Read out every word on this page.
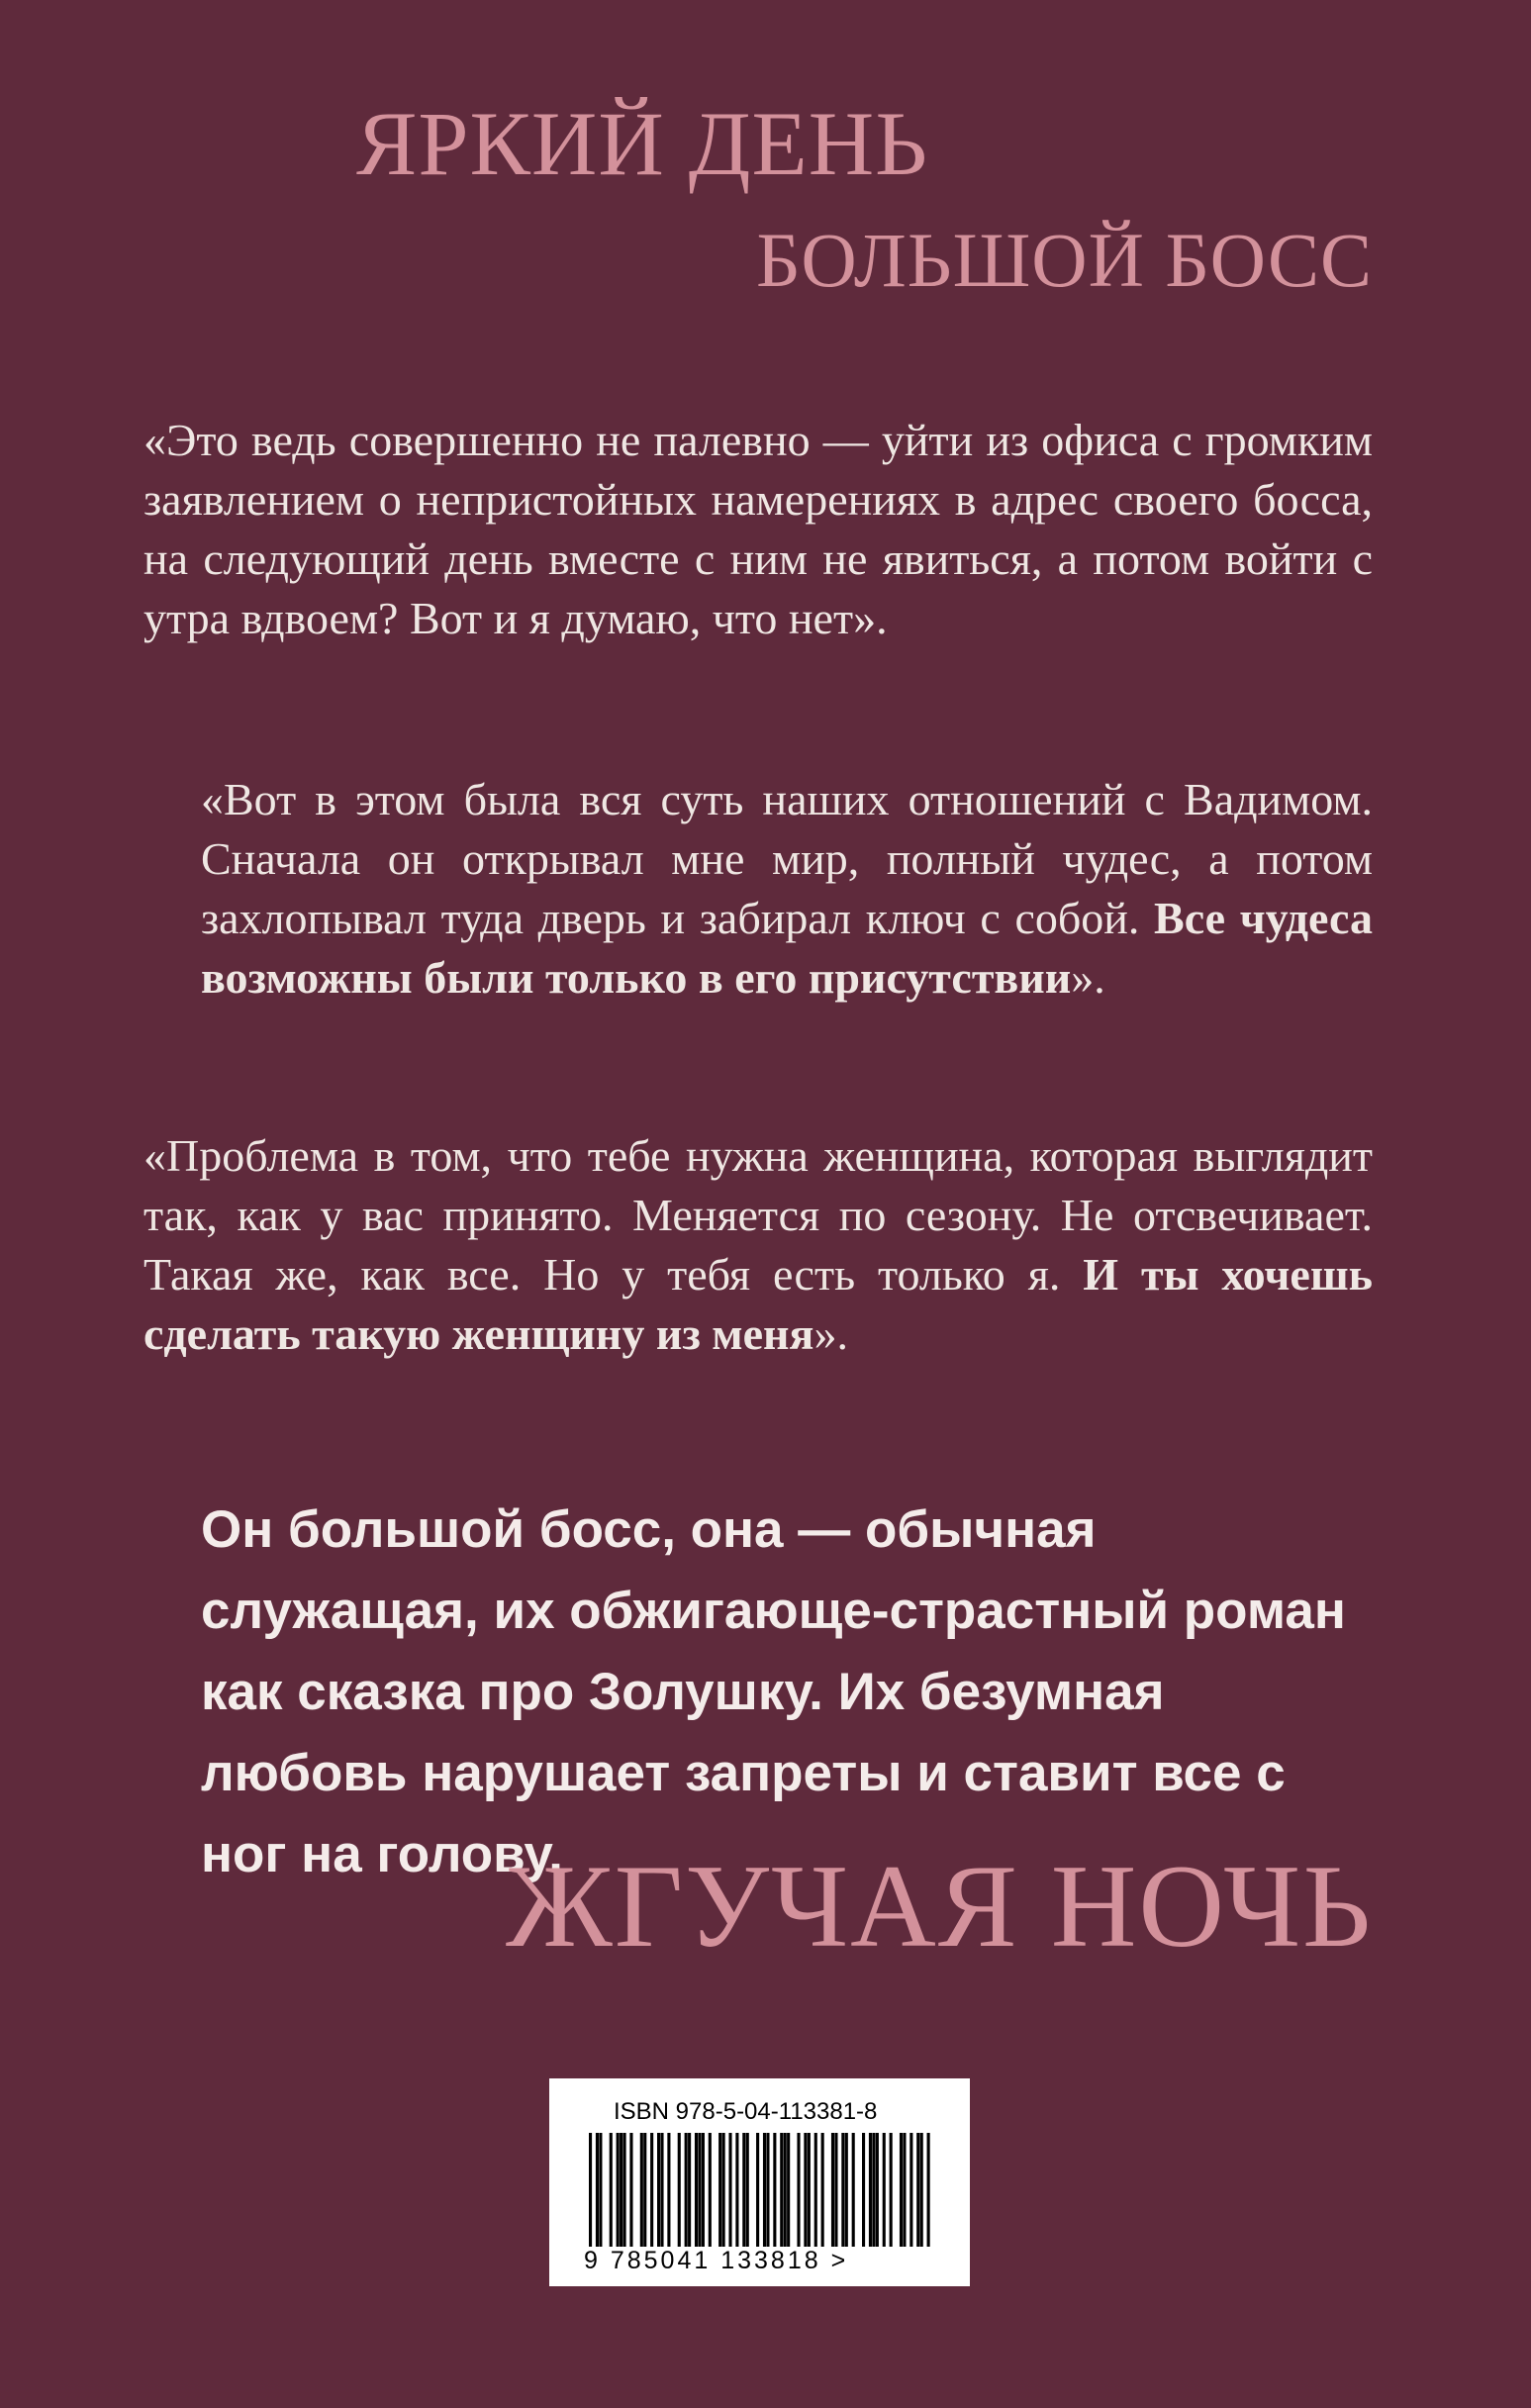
ЯРКИЙ ДЕНЬ
БОЛЬШОЙ БОСС

«Это ведь совершенно не палевно — уйти из офиса с громким заявлением о непристойных намерениях в адрес своего босса, на следующий день вместе с ним не явиться, а потом войти с утра вдвоем? Вот и я думаю, что нет».

«Вот в этом была вся суть наших отношений с Вадимом. Сначала он открывал мне мир, полный чудес, а потом захлопывал туда дверь и забирал ключ с собой. Все чудеса возможны были только в его присутствии».

«Проблема в том, что тебе нужна женщина, которая выглядит так, как у вас принято. Меняется по сезону. Не отсвечивает. Такая же, как все. Но у тебя есть только я. И ты хочешь сделать такую женщину из меня».

Он большой босс, она — обычная служащая, их обжигающе-страстный роман как сказка про Золушку. Их безумная любовь нарушает запреты и ставит все с ног на голову.

ЖГУЧАЯ НОЧЬ
ISBN 978-5-04-113381-8
9 785041 133818 >
